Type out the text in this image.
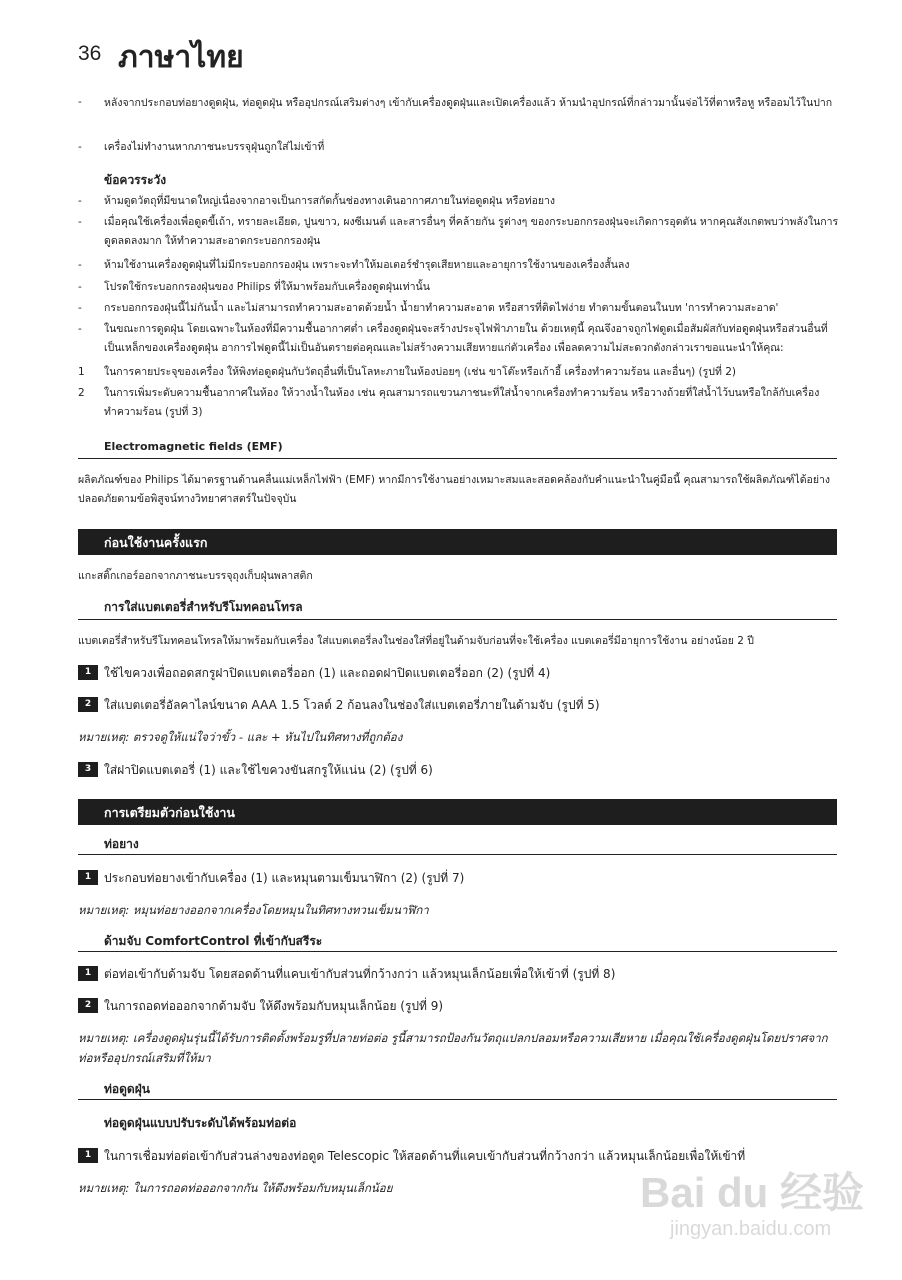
36 ภาษาไทย
- หลังจากประกอบท่อยางดูดฝุ่น, ท่อดูดฝุ่น หรืออุปกรณ์เสริมต่างๆ เข้ากับเครื่องดูดฝุ่นและเปิดเครื่องแล้ว ห้ามนำอุปกรณ์ที่กล่าวมานั้นจ่อไว้ที่ตาหรือหู หรืออมไว้ในปาก
- เครื่องไม่ทำงานหากภาชนะบรรจุฝุ่นถูกใส่ไม่เข้าที่
ข้อควรระวัง
- ห้ามดูดวัตถุที่มีขนาดใหญ่เนื่องจากอาจเป็นการสกัดกั้นช่องทางเดินอากาศภายในท่อดูดฝุ่น หรือท่อยาง
- เมื่อคุณใช้เครื่องเพื่อดูดขี้เถ้า, ทรายละเอียด, ปูนขาว, ผงซีเมนต์ และสารอื่นๆ ที่คล้ายกัน รูต่างๆ ของกระบอกกรองฝุ่นจะเกิดการอุดตัน หากคุณสังเกตพบว่าพลังในการดูดลดลงมาก ให้ทำความสะอาดกระบอกกรองฝุ่น
- ห้ามใช้งานเครื่องดูดฝุ่นที่ไม่มีกระบอกกรองฝุ่น เพราะจะทำให้มอเตอร์ชำรุดเสียหายและอายุการใช้งานของเครื่องสั้นลง
- โปรดใช้กระบอกกรองฝุ่นของ Philips ที่ให้มาพร้อมกับเครื่องดูดฝุ่นเท่านั้น
- กระบอกกรองฝุ่นนี้ไม่กันน้ำ และไม่สามารถทำความสะอาดด้วยน้ำ น้ำยาทำความสะอาด หรือสารที่ติดไฟง่าย ทำตามขั้นตอนในบท 'การทำความสะอาด'
- ในขณะการดูดฝุ่น โดยเฉพาะในห้องที่มีความชื้นอากาศต่ำ เครื่องดูดฝุ่นจะสร้างประจุไฟฟ้าภายใน ด้วยเหตุนี้ คุณจึงอาจถูกไฟดูดเมื่อสัมผัสกับท่อดูดฝุ่นหรือส่วนอื่นที่เป็นเหล็กของเครื่องดูดฝุ่น อาการไฟดูดนี้ไม่เป็นอันตรายต่อคุณและไม่สร้างความเสียหายแก่ตัวเครื่อง เพื่อลดความไม่สะดวกดังกล่าวเราขอแนะนำให้คุณ:
1 ในการคายประจุของเครื่อง ให้พิงท่อดูดฝุ่นกับวัตถุอื่นที่เป็นโลหะภายในห้องบ่อยๆ (เช่น ขาโต๊ะหรือเก้าอี้ เครื่องทำความร้อน และอื่นๆ) (รูปที่ 2)
2 ในการเพิ่มระดับความชื้นอากาศในห้อง ให้วางน้ำในห้อง เช่น คุณสามารถแขวนภาชนะที่ใส่น้ำจากเครื่องทำความร้อน หรือวางถ้วยที่ใส่น้ำไว้บนหรือใกล้กับเครื่องทำความร้อน (รูปที่ 3)
Electromagnetic fields (EMF)
ผลิตภัณฑ์ของ Philips ได้มาตรฐานด้านคลื่นแม่เหล็กไฟฟ้า (EMF) หากมีการใช้งานอย่างเหมาะสมและสอดคล้องกับคำแนะนำในคู่มือนี้ คุณสามารถใช้ผลิตภัณฑ์ได้อย่างปลอดภัยตามข้อพิสูจน์ทางวิทยาศาสตร์ในปัจจุบัน
ก่อนใช้งานครั้งแรก
แกะสติ๊กเกอร์ออกจากภาชนะบรรจุถุงเก็บฝุ่นพลาสติก
การใส่แบตเตอรี่สำหรับรีโมทคอนโทรล
แบตเตอรี่สำหรับรีโมทคอนโทรลให้มาพร้อมกับเครื่อง ใส่แบตเตอรี่ลงในช่องใส่ที่อยู่ในด้ามจับก่อนที่จะใช้เครื่อง แบตเตอรี่มีอายุการใช้งาน อย่างน้อย 2 ปี
1	ใช้ไขควงเพื่อถอดสกรูฝาปิดแบตเตอรี่ออก (1) และถอดฝาปิดแบตเตอรี่ออก (2) (รูปที่ 4)
2	ใส่แบตเตอรี่อัลคาไลน์ขนาด AAA 1.5 โวลต์ 2 ก้อนลงในช่องใส่แบตเตอรี่ภายในด้ามจับ (รูปที่ 5)
หมายเหตุ: ตรวจดูให้แน่ใจว่าขั้ว - และ + หันไปในทิศทางที่ถูกต้อง
3	ใส่ฝาปิดแบตเตอรี่ (1) และใช้ไขควงขันสกรูให้แน่น (2) (รูปที่ 6)
การเตรียมตัวก่อนใช้งาน
ท่อยาง
1	ประกอบท่อยางเข้ากับเครื่อง (1) และหมุนตามเข็มนาฬิกา (2) (รูปที่ 7)
หมายเหตุ: หมุนท่อยางออกจากเครื่องโดยหมุนในทิศทางทวนเข็มนาฬิกา
ด้ามจับ ComfortControl ที่เข้ากับสรีระ
1	ต่อท่อเข้ากับด้ามจับ โดยสอดด้านที่แคบเข้ากับส่วนที่กว้างกว่า แล้วหมุนเล็กน้อยเพื่อให้เข้าที่ (รูปที่ 8)
2	ในการถอดท่อออกจากด้ามจับ ให้ดึงพร้อมกับหมุนเล็กน้อย (รูปที่ 9)
หมายเหตุ: เครื่องดูดฝุ่นรุ่นนี้ได้รับการติดตั้งพร้อมรูที่ปลายท่อต่อ รูนี้สามารถป้องกันวัตถุแปลกปลอมหรือความเสียหาย เมื่อคุณใช้เครื่องดูดฝุ่นโดยปราศจากท่อหรืออุปกรณ์เสริมที่ให้มา
ท่อดูดฝุ่น
ท่อดูดฝุ่นแบบปรับระดับได้พร้อมท่อต่อ
1	ในการเชื่อมท่อต่อเข้ากับส่วนล่างของท่อดูด Telescopic ให้สอดด้านที่แคบเข้ากับส่วนที่กว้างกว่า แล้วหมุนเล็กน้อยเพื่อให้เข้าที่
หมายเหตุ: ในการถอดท่อออกจากกัน ให้ดึงพร้อมกับหมุนเล็กน้อย	Bai du 经验
jingyan.baidu.com
